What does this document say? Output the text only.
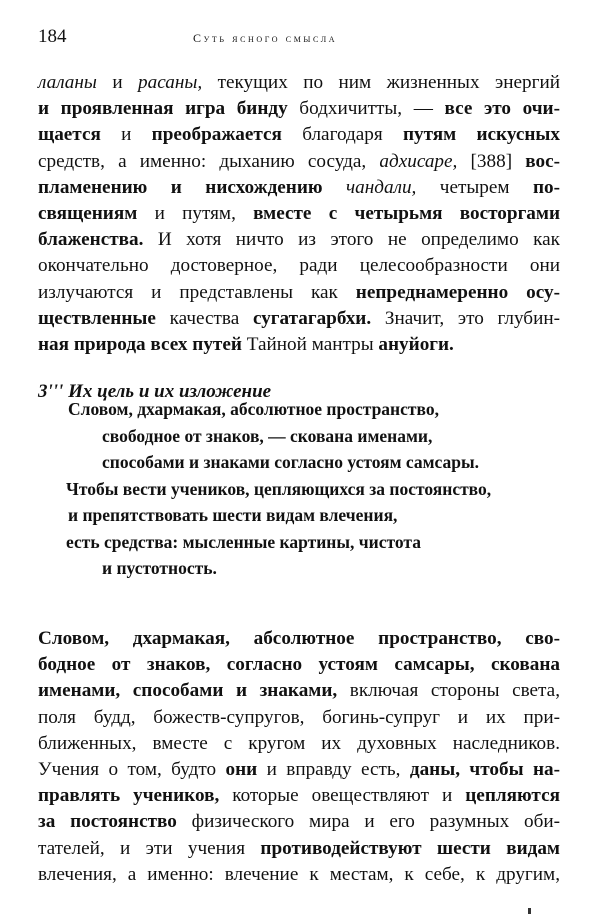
184	Суть ясного смысла
лаланы и расаны, текущих по ним жизненных энергий
и проявленная игра бинду бодхичитты, — все это очи-
щается и преображается благодаря путям искусных
средств, а именно: дыханию сосуда, адхисаре, [388] вос-
пламенению и нисхождению чандали, четырем по-
священиям и путям, вместе с четырьмя восторгами
блаженства. И хотя ничто из этого не определимо как
окончательно достоверное, ради целесообразности они
излучаются и представлены как непреднамеренно осу-
ществленные качества сугатагарбхи. Значит, это глубин-
ная природа всех путей Тайной мантры ануйоги.
3''' Их цель и их изложение
Словом, дхармакая, абсолютное пространство,
свободное от знаков, — скована именами,
способами и знаками согласно устоям самсары.
Чтобы вести учеников, цепляющихся за постоянство,
и препятствовать шести видам влечения,
есть средства: мысленные картины, чистота
и пустотность.
Словом, дхармакая, абсолютное пространство, сво-
бодное от знаков, согласно устоям самсары, скована
именами, способами и знаками, включая стороны света,
поля будд, божеств-супругов, богинь-супруг и их при-
ближенных, вместе с кругом их духовных наследников.
Учения о том, будто они и вправду есть, даны, чтобы на-
правлять учеников, которые овеществляют и цепляются
за постоянство физического мира и его разумных оби-
тателей, и эти учения противодействуют шести видам
влечения, а именно: влечение к местам, к себе, к другим,
